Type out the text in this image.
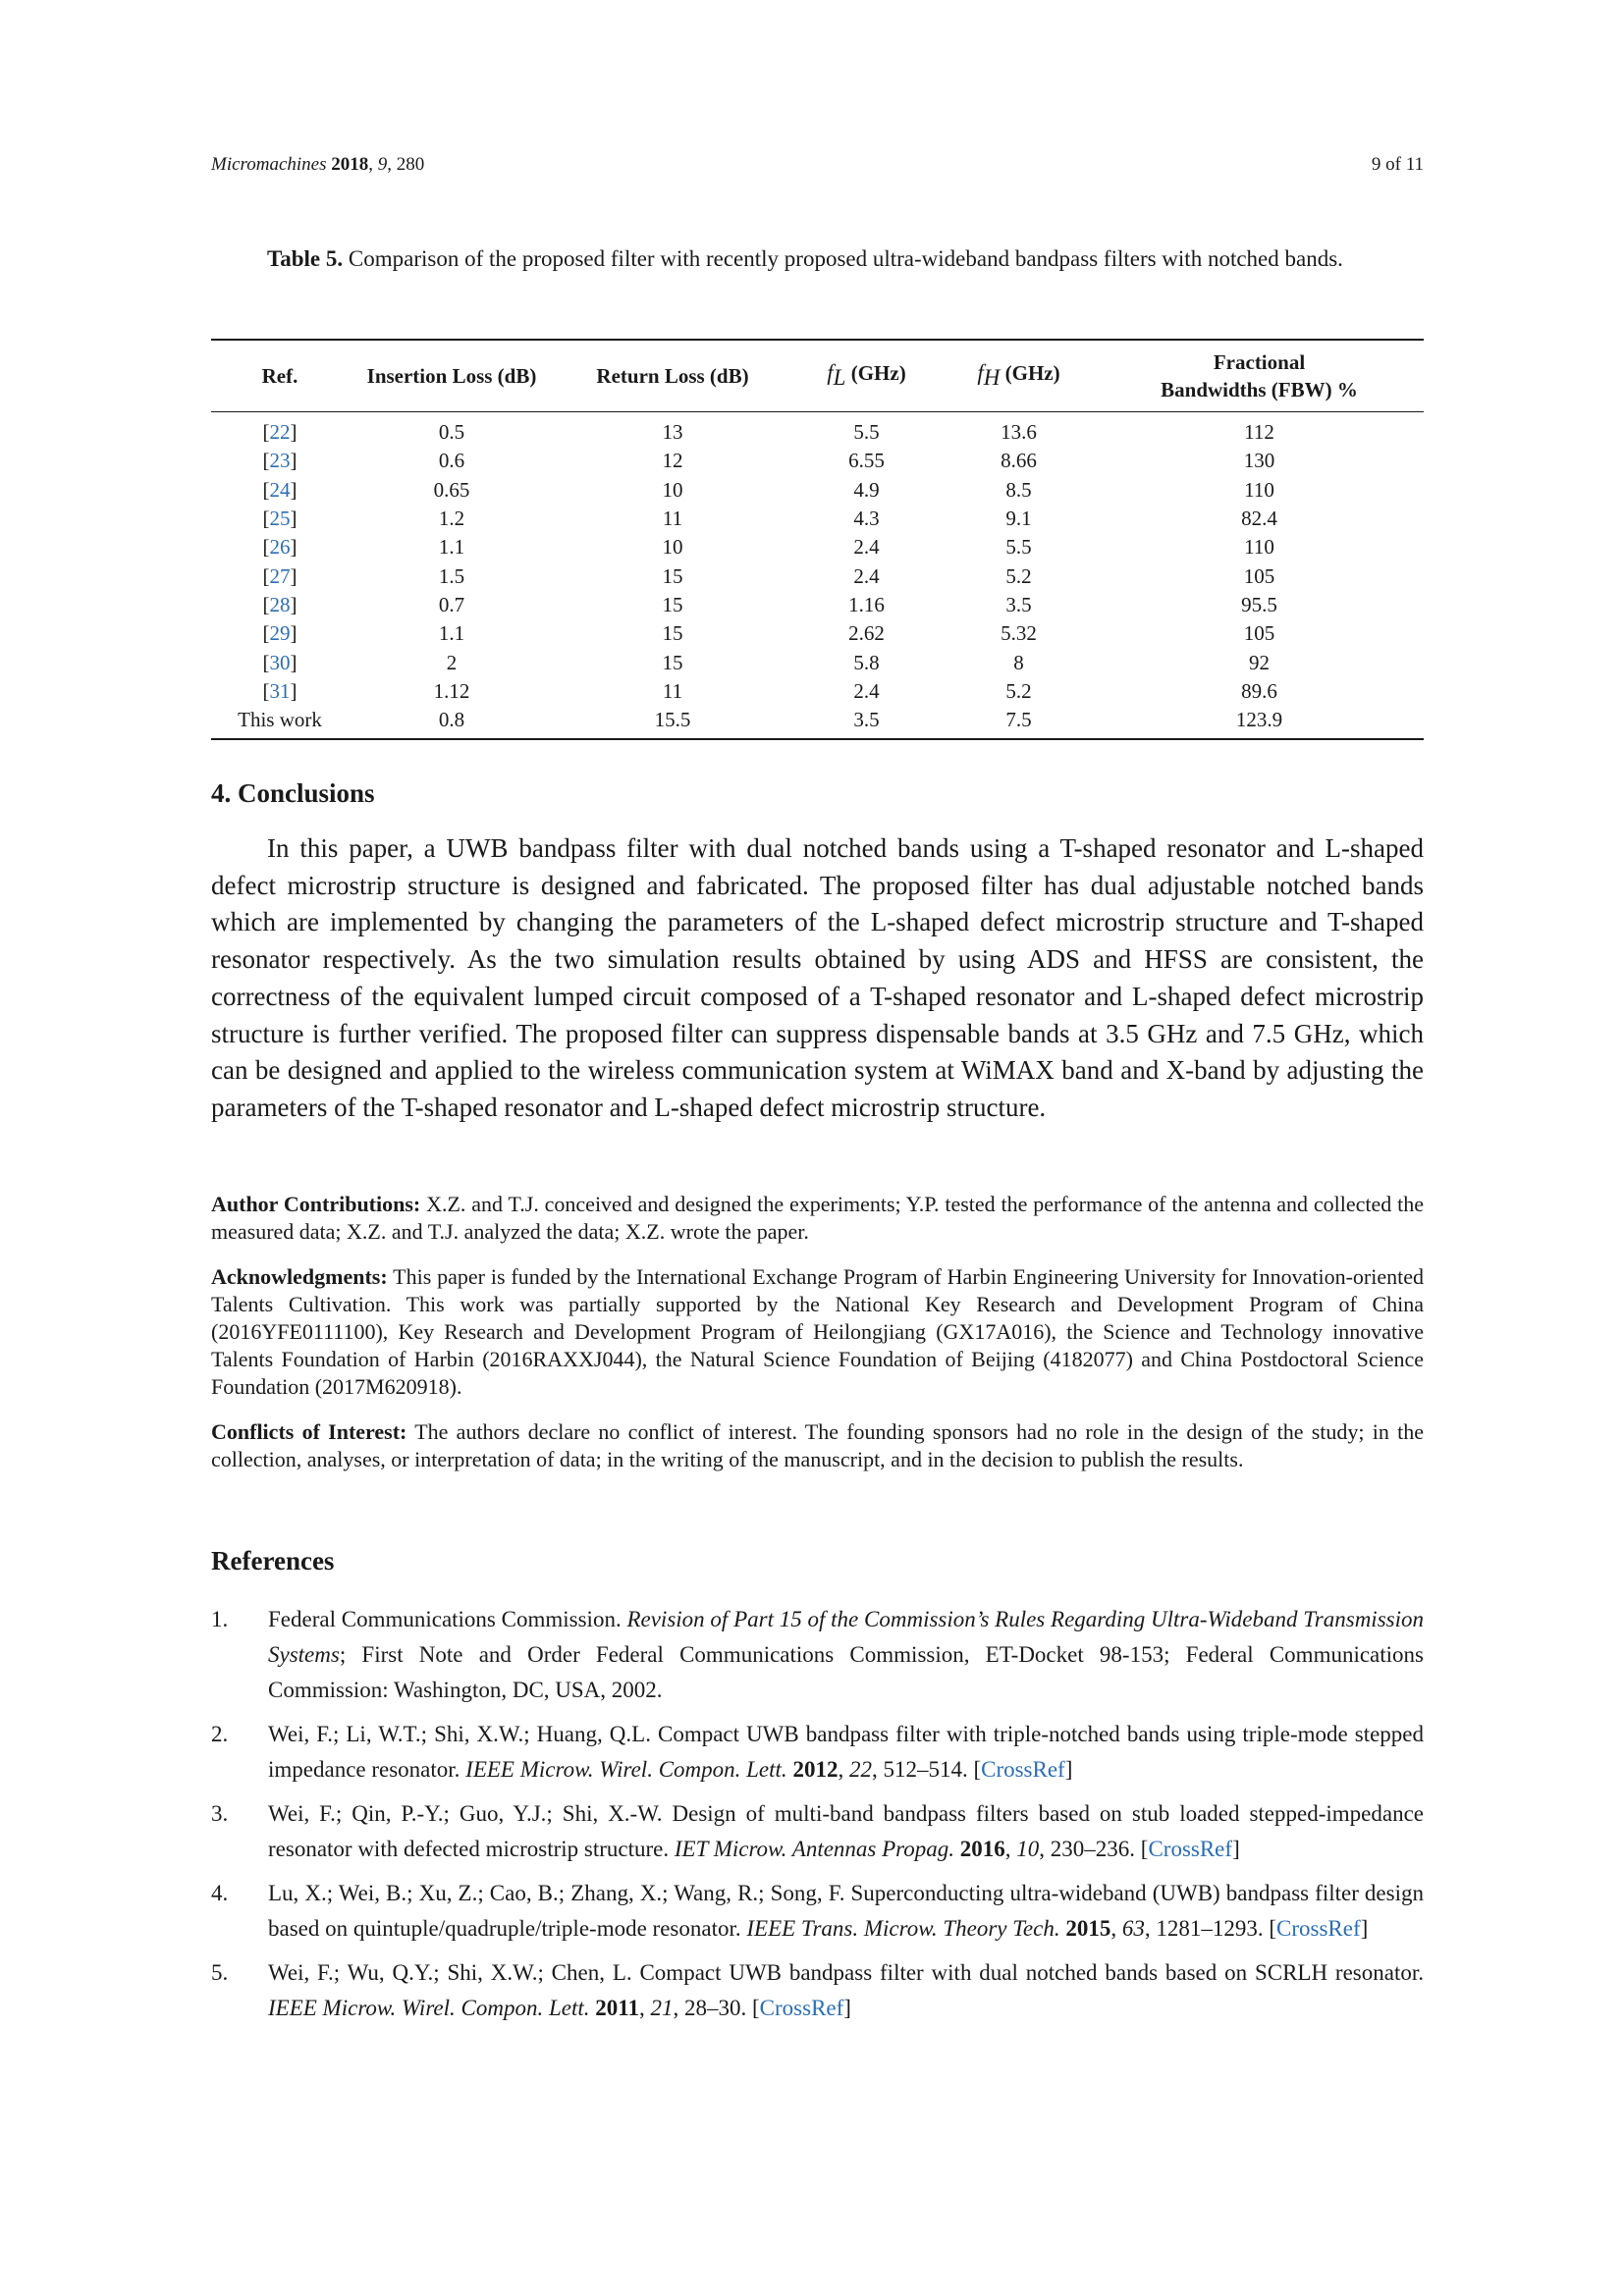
Micromachines 2018, 9, 280	9 of 11
Table 5. Comparison of the proposed filter with recently proposed ultra-wideband bandpass filters with notched bands.
Ref.	Insertion Loss (dB)	Return Loss (dB)	$f_L$ (GHz)	$f_H$ (GHz)	Fractional
Bandwidths (FBW) %
[22]	0.5	13	5.5	13.6	112
[23]	0.6	12	6.55	8.66	130
[24]	0.65	10	4.9	8.5	110
[25]	1.2	11	4.3	9.1	82.4
[26]	1.1	10	2.4	5.5	110
[27]	1.5	15	2.4	5.2	105
[28]	0.7	15	1.16	3.5	95.5
[29]	1.1	15	2.62	5.32	105
[30]	2	15	5.8	8	92
[31]	1.12	11	2.4	5.2	89.6
This work	0.8	15.5	3.5	7.5	123.9
4. Conclusions

In this paper, a UWB bandpass filter with dual notched bands using a T-shaped resonator and L-shaped defect microstrip structure is designed and fabricated. The proposed filter has dual adjustable notched bands which are implemented by changing the parameters of the L-shaped defect microstrip structure and T-shaped resonator respectively. As the two simulation results obtained by using ADS and HFSS are consistent, the correctness of the equivalent lumped circuit composed of a T-shaped resonator and L-shaped defect microstrip structure is further verified. The proposed filter can suppress dispensable bands at 3.5 GHz and 7.5 GHz, which can be designed and applied to the wireless communication system at WiMAX band and X-band by adjusting the parameters of the T-shaped resonator and L-shaped defect microstrip structure.

Author Contributions: X.Z. and T.J. conceived and designed the experiments; Y.P. tested the performance of the antenna and collected the measured data; X.Z. and T.J. analyzed the data; X.Z. wrote the paper.

Acknowledgments: This paper is funded by the International Exchange Program of Harbin Engineering University for Innovation-oriented Talents Cultivation. This work was partially supported by the National Key Research and Development Program of China (2016YFE0111100), Key Research and Development Program of Heilongjiang (GX17A016), the Science and Technology innovative Talents Foundation of Harbin (2016RAXXJ044), the Natural Science Foundation of Beijing (4182077) and China Postdoctoral Science Foundation (2017M620918).

Conflicts of Interest: The authors declare no conflict of interest. The founding sponsors had no role in the design of the study; in the collection, analyses, or interpretation of data; in the writing of the manuscript, and in the decision to publish the results.

References
1. Federal Communications Commission. Revision of Part 15 of the Commission’s Rules Regarding Ultra-Wideband Transmission Systems; First Note and Order Federal Communications Commission, ET-Docket 98-153; Federal Communications Commission: Washington, DC, USA, 2002.
2. Wei, F.; Li, W.T.; Shi, X.W.; Huang, Q.L. Compact UWB bandpass filter with triple-notched bands using triple-mode stepped impedance resonator. IEEE Microw. Wirel. Compon. Lett. 2012, 22, 512–514. [CrossRef]
3. Wei, F.; Qin, P.-Y.; Guo, Y.J.; Shi, X.-W. Design of multi-band bandpass filters based on stub loaded stepped-impedance resonator with defected microstrip structure. IET Microw. Antennas Propag. 2016, 10, 230–236. [CrossRef]
4. Lu, X.; Wei, B.; Xu, Z.; Cao, B.; Zhang, X.; Wang, R.; Song, F. Superconducting ultra-wideband (UWB) bandpass filter design based on quintuple/quadruple/triple-mode resonator. IEEE Trans. Microw. Theory Tech. 2015, 63, 1281–1293. [CrossRef]
5. Wei, F.; Wu, Q.Y.; Shi, X.W.; Chen, L. Compact UWB bandpass filter with dual notched bands based on SCRLH resonator. IEEE Microw. Wirel. Compon. Lett. 2011, 21, 28–30. [CrossRef]
